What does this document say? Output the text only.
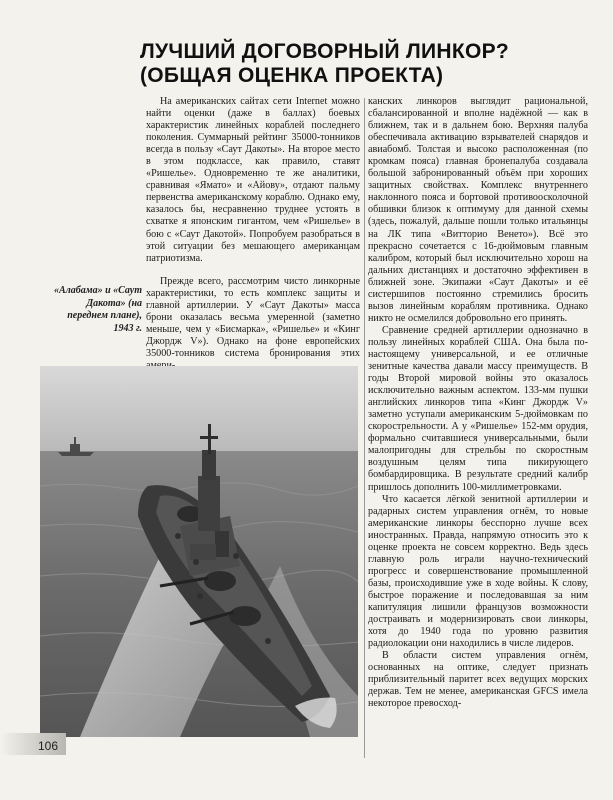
ЛУЧШИЙ ДОГОВОРНЫЙ ЛИНКОР?
(ОБЩАЯ ОЦЕНКА ПРОЕКТА)
«Алабама» и «Саут Дакота» (на переднем плане), 1943 г.

На американских сайтах сети Internet можно найти оценки (даже в баллах) боевых характеристик линейных кораблей последнего поколения. Суммарный рейтинг 35000-тонников всегда в пользу «Саут Дакоты». На второе место в этом подклассе, как правило, ставят «Ришелье». Одновременно те же аналитики, сравнивая «Ямато» и «Айову», отдают пальму первенства американскому кораблю. Однако ему, казалось бы, несравненно труднее устоять в схватке я японским гигантом, чем «Ришелье» в бою с «Саут Дакотой». Попробуем разобраться в этой ситуации без мешающего американцам патриотизма.

Прежде всего, рассмотрим чисто линкорные характеристики, то есть комплекс защиты и главной артиллерии. У «Саут Дакоты» масса брони оказалась весьма умеренной (заметно меньше, чем у «Бисмарка», «Ришелье» и «Кинг Джордж V»). Однако на фоне европейских 35000-тонников система бронирования этих

канских линкоров выглядит рациональной, сбалансированной и вполне надёжной — как в ближнем, так и в дальнем бою. Верхняя палуба обеспечивала активацию взрывателей снарядов и авиабомб. Толстая и высоко расположенная (по кромкам пояса) главная бронепалуба создавала большой забронированный объём при хороших защитных свойствах. Комплекс внутреннего наклонного пояса и бортовой противоосколочной обшивки близок к оптимуму для данной схемы (здесь, пожалуй, дальше пошли только итальянцы на ЛК типа «Витторио Венето»). Всё это прекрасно сочетается с 16-дюймовым главным калибром, который был исключительно хорош на дальних дистанциях и достаточно эффективен в ближней зоне. Экипажи «Саут Дакоты» и её систершипов постоянно стремились бросить вызов линейным кораблям противника. Однако никто не осмелился добровольно его принять.

Сравнение средней артиллерии однозначно в пользу линейных кораблей США. Она была по-настоящему универсальной, и ее отличные зенитные качества давали массу преимуществ. В годы Второй мировой войны это оказалось исключительно важным аспектом. 133-мм пушки английских линкоров типа «Кинг Джордж V» заметно уступали американским 5-дюймовкам по скорострельности. А у «Ришелье» 152-мм орудия, формально считавшиеся универсальными, были малопригодны для стрельбы по скоростным воздушным целям типа пикирующего бомбардировщика. В результате средний калибр пришлось дополнить 100-миллиметровками.

Что касается лёгкой зенитной артиллерии и радарных систем управления огнём, то новые американские линкоры бесспорно лучше всех иностранных. Правда, напрямую относить это к оценке проекта не совсем корректно. Ведь здесь главную роль играли научно-технический прогресс и совершенствование промышленной базы, происходившие уже в ходе войны. К слову, быстрое поражение и последовавшая за ним капитуляция лишили французов возможности достраивать и модернизировать свои линкоры, хотя до 1940 года по уровню развития радиолокации они находились в числе лидеров.

В области систем управления огнём, основанных на оптике, следует признать приблизительный паритет всех ведущих морских держав. Тем не менее, американская GFCS имела некоторое превосход-

106
